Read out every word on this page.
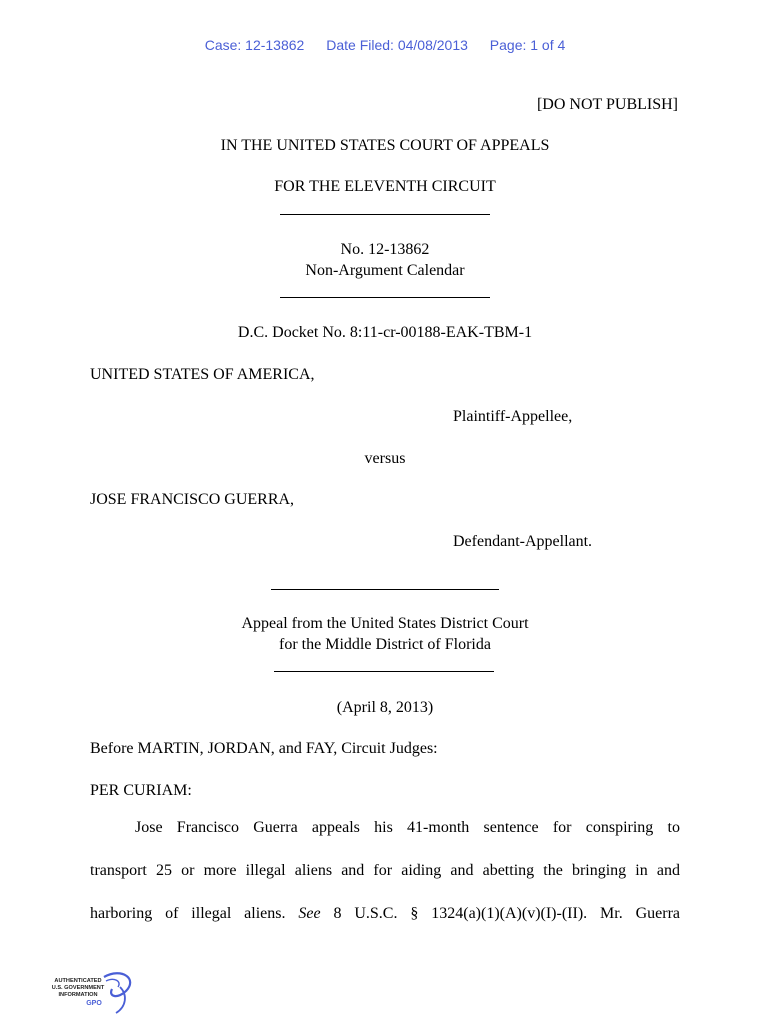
Case: 12-13862 Date Filed: 04/08/2013 Page: 1 of 4
[DO NOT PUBLISH]
IN THE UNITED STATES COURT OF APPEALS
FOR THE ELEVENTH CIRCUIT
No. 12-13862
Non-Argument Calendar
D.C. Docket No. 8:11-cr-00188-EAK-TBM-1
UNITED STATES OF AMERICA,
Plaintiff-Appellee,
versus
JOSE FRANCISCO GUERRA,
Defendant-Appellant.
Appeal from the United States District Court
for the Middle District of Florida
(April 8, 2013)
Before MARTIN, JORDAN, and FAY, Circuit Judges:
PER CURIAM:
Jose Francisco Guerra appeals his 41-month sentence for conspiring to
transport 25 or more illegal aliens and for aiding and abetting the bringing in and
harboring of illegal aliens. See 8 U.S.C. § 1324(a)(1)(A)(v)(I)-(II). Mr. Guerra
AUTHENTICATED
U.S. GOVERNMENT
INFORMATION
GPO
